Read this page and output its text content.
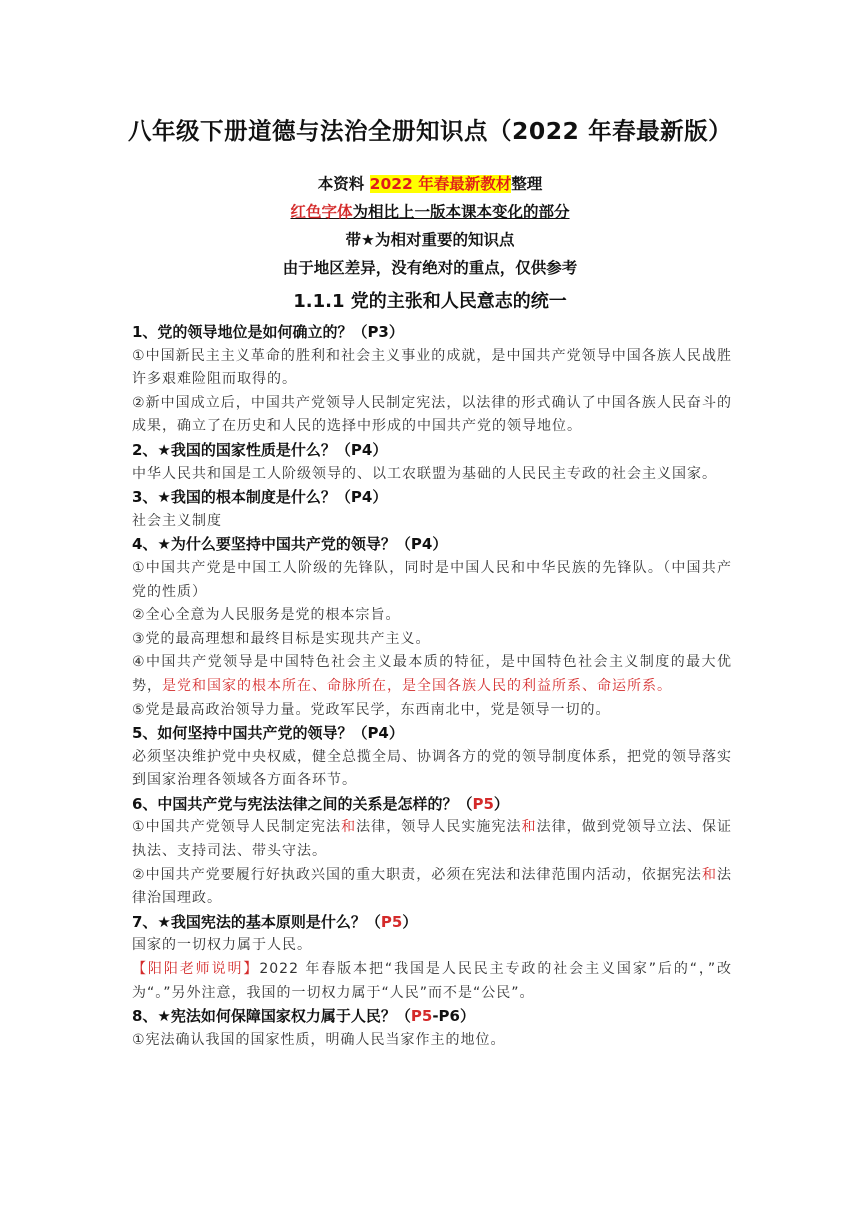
八年级下册道德与法治全册知识点（2022 年春最新版）
本资料 2022 年春最新教材整理
红色字体为相比上一版本课本变化的部分
带★为相对重要的知识点
由于地区差异，没有绝对的重点，仅供参考
1.1.1 党的主张和人民意志的统一
1、党的领导地位是如何确立的？（P3）
①中国新民主主义革命的胜利和社会主义事业的成就，是中国共产党领导中国各族人民战胜许多艰难险阻而取得的。
②新中国成立后，中国共产党领导人民制定宪法，以法律的形式确认了中国各族人民奋斗的成果，确立了在历史和人民的选择中形成的中国共产党的领导地位。
2、★我国的国家性质是什么？（P4）
中华人民共和国是工人阶级领导的、以工农联盟为基础的人民民主专政的社会主义国家。
3、★我国的根本制度是什么？（P4）
社会主义制度
4、★为什么要坚持中国共产党的领导？（P4）
①中国共产党是中国工人阶级的先锋队，同时是中国人民和中华民族的先锋队。（中国共产党的性质）
②全心全意为人民服务是党的根本宗旨。
③党的最高理想和最终目标是实现共产主义。
④中国共产党领导是中国特色社会主义最本质的特征，是中国特色社会主义制度的最大优势，是党和国家的根本所在、命脉所在，是全国各族人民的利益所系、命运所系。
⑤党是最高政治领导力量。党政军民学，东西南北中，党是领导一切的。
5、如何坚持中国共产党的领导？（P4）
必须坚决维护党中央权威，健全总揽全局、协调各方的党的领导制度体系，把党的领导落实到国家治理各领域各方面各环节。
6、中国共产党与宪法法律之间的关系是怎样的？（P5）
①中国共产党领导人民制定宪法和法律，领导人民实施宪法和法律，做到党领导立法、保证执法、支持司法、带头守法。
②中国共产党要履行好执政兴国的重大职责，必须在宪法和法律范围内活动，依据宪法和法律治国理政。
7、★我国宪法的基本原则是什么？（P5）
国家的一切权力属于人民。
【阳阳老师说明】2022 年春版本把“我国是人民民主专政的社会主义国家”后的“，”改为“。”另外注意，我国的一切权力属于“人民”而不是“公民”。
8、★宪法如何保障国家权力属于人民？（P5-P6）
①宪法确认我国的国家性质，明确人民当家作主的地位。
